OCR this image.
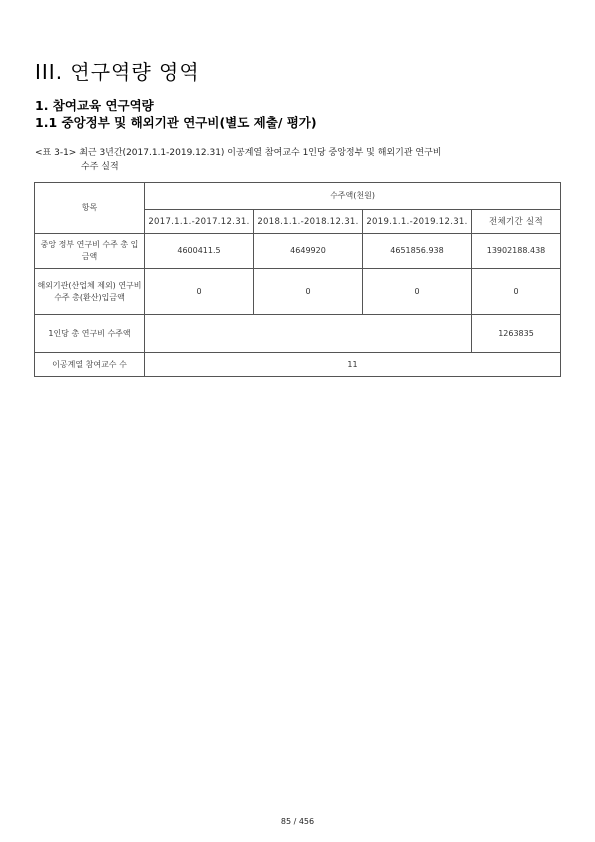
III. 연구역량 영역
1. 참여교육 연구역량
1.1 중앙정부 및 해외기관 연구비(별도 제출/ 평가)
<표 3-1> 최근 3년간(2017.1.1-2019.12.31) 이공계열 참여교수 1인당 중앙정부 및 해외기관 연구비
수주 실적
항목	수주액(천원)			
	2017.1.1.-2017.12.31.	2018.1.1.-2018.12.31.	2019.1.1.-2019.12.31.	전체기간 실적
중앙 정부 연구비 수주 총 입금액	4600411.5	4649920	4651856.938	13902188.438
해외기관(산업체 제외) 연구비 수주 총(환산)입금액	0	0	0	0
1인당 총 연구비 수주액				1263835
이공계열 참여교수 수	11			
85 / 456
